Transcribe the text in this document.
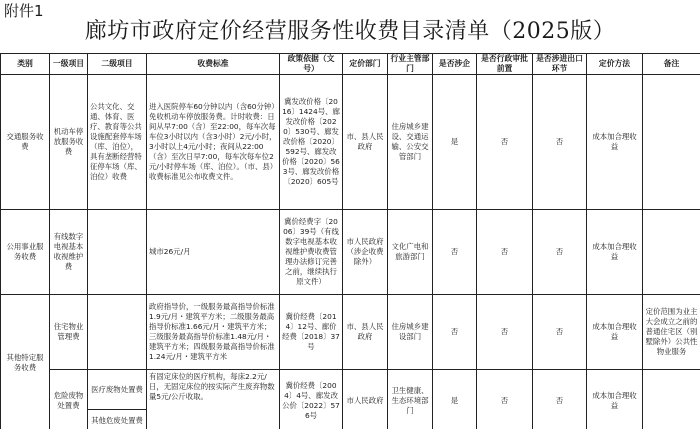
附件1
廊坊市政府定价经营服务性收费目录清单（2025版）
类别	一级项目	二级项目	收费标准	政策依据（文号）	定价部门	行业主管部门	是否涉企	是否行政审批前置	是否涉进出口环节	定价方法	备注
交通服务收费	机动车停放服务收费	公共文化、交通、体育、医疗、教育等公共设施配套停车场（库、泊位），具有垄断经营特征停车场（库、泊位）收费	进入医院停车60分钟以内（含60分钟）免收机动车停放服务费。计时收费：日间从早7:00（含）至22:00，每车次每车位3小时以内（含3小时）2元/小时，3小时以上4元/小时；夜间从22:00（含）至次日早7:00，每车次每车位2元/小时停车场（库、泊位）。（市、县）收费标准见公布收费文件。	冀发改价格〔2016〕1424号、廊发改价格〔2020〕530号、廊发改价格〔2020〕592号、廊发改价格〔2020〕563号、廊发改价格〔2020〕605号	市、县人民政府	住房城乡建设、交通运输、公安交管部门	是	否	否	成本加合理收益	
公用事业服务收费	有线数字电视基本收视维护费		城市26元/月	冀价经费字〔2006〕39号（有线数字电视基本收视维护费收费管理办法修订完善之前，继续执行原文件）	市人民政府（涉企收费除外）	文化广电和旅游部门	否	否	否	成本加合理收益	
其他特定服务收费	住宅物业管理费		政府指导价，一级服务最高指导价标准1.9元/月・建筑平方米；二级服务最高指导价标准1.66元/月・建筑平方米；三级服务最高指导价标准1.48元/月・建筑平方米；四级服务最高指导价标准1.24元/月・建筑平方米	冀价经费〔2014〕12号、廊价经费〔2018〕37号	市、县人民政府	住房城乡建设部门	否	否	否	成本加合理收益	定价范围为业主大会成立之前的普通住宅区（别墅除外）公共性物业服务
	危险废物处置费	医疗废物处置费	有固定床位的医疗机构，每床2.2元/日，无固定床位的按实际产生废弃物数量5元/公斤收取。	冀价经费〔2004〕4号、廊发改公价〔2022〕576号	市人民政府	卫生健康、生态环境部门	是	否	否	成本加合理收益	
		其他危废处置费									
